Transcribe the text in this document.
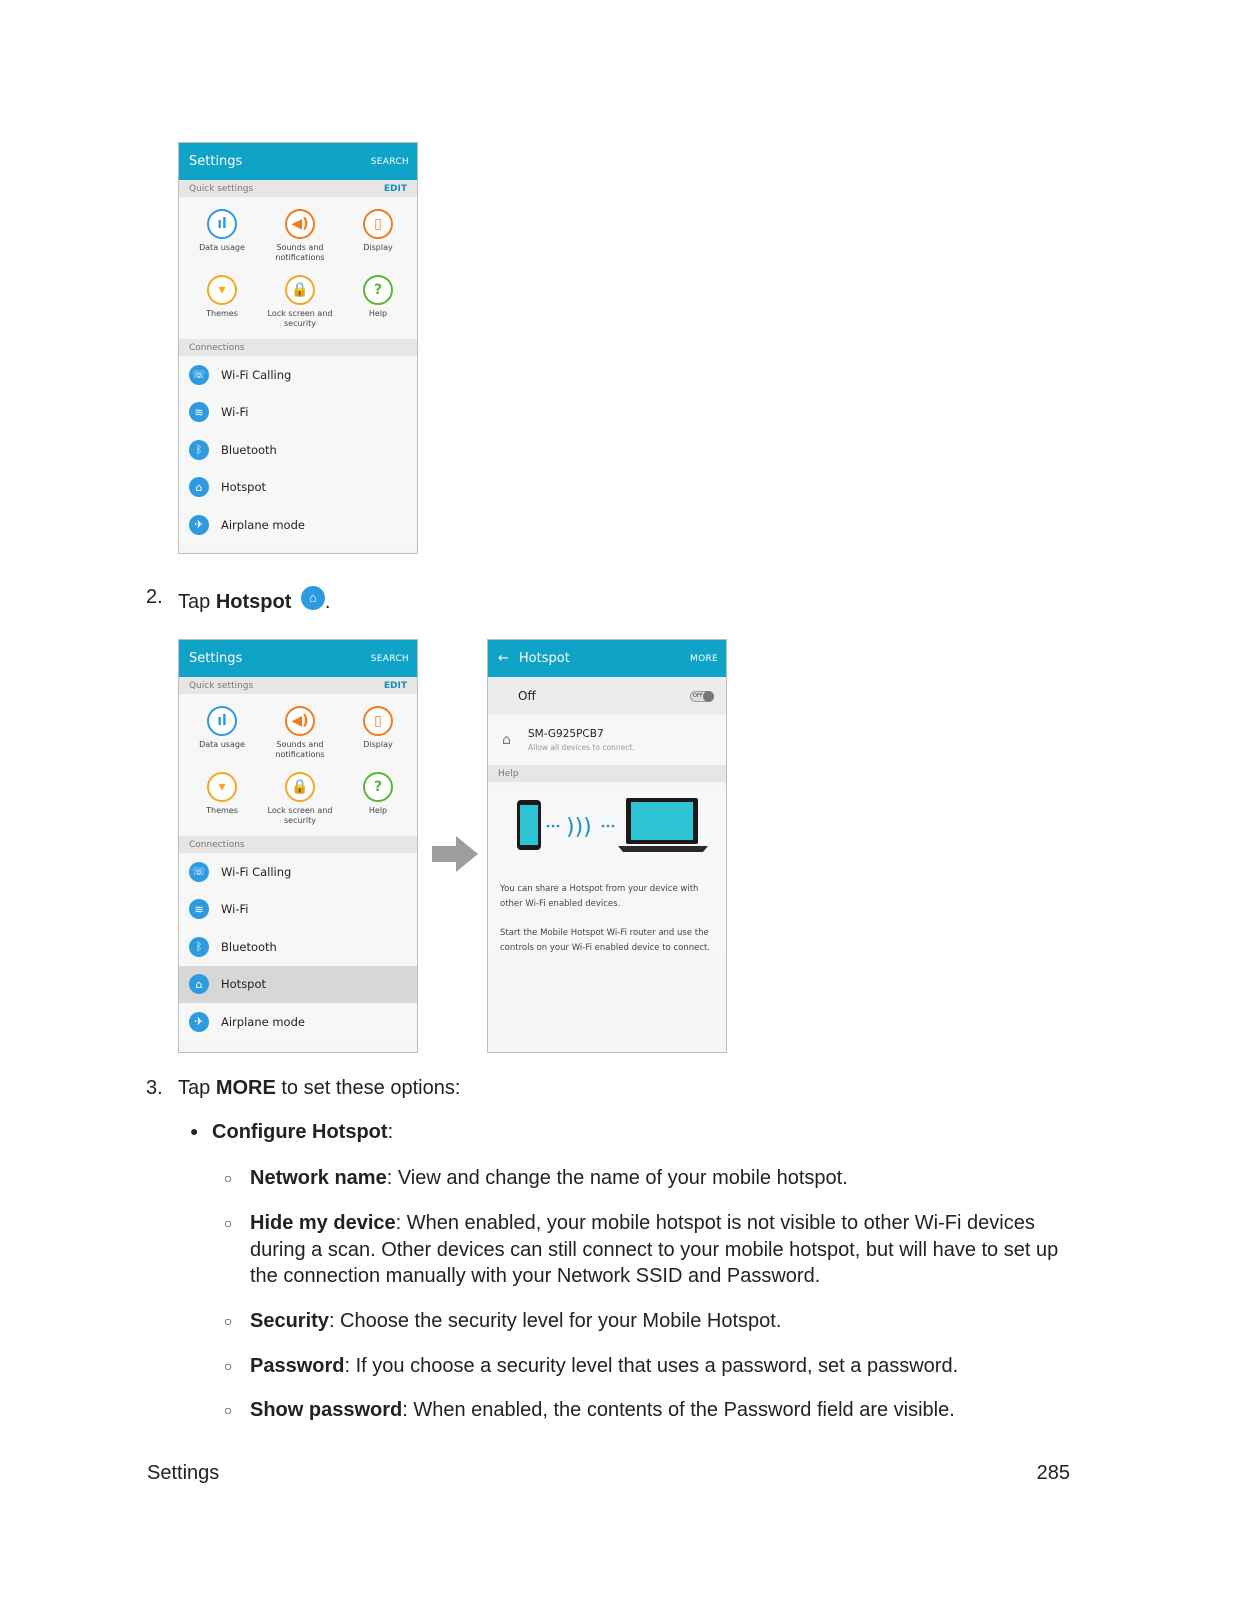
Settings	SEARCH
Quick settings	EDIT
ıl
Data usage
◀)
Sounds and notifications
▯
Display
▾
Themes
🔒
Lock screen and security
?
Help
Connections
☏ Wi-Fi Calling
≋	Wi-Fi
ᛒ	Bluetooth
⌂	Hotspot
✈	Airplane mode
2. Tap Hotspot ⌂ .
Settings	SEARCH
Quick settings	EDIT
ıl
Data usage
◀)
Sounds and notifications
▯
Display
▾
Themes
🔒
Lock screen and security
?
Help
Connections
☏ Wi-Fi Calling
≋	Wi-Fi
ᛒ	Bluetooth
⌂	Hotspot
✈	Airplane mode
← Hotspot	MORE
Off	OFF
⌂	SM-G925PCB7
Allow all devices to connect.
Help
)))

You can share a Hotspot from your device with other Wi-Fi enabled devices.

Start the Mobile Hotspot Wi-Fi router and use the controls on your Wi-Fi enabled device to connect.

3. Tap MORE to set these options:
● Configure Hotspot:
○ Network name: View and change the name of your mobile hotspot.
○ Hide my device: When enabled, your mobile hotspot is not visible to other Wi-Fi devices during a scan. Other devices can still connect to your mobile hotspot, but will have to set up the connection manually with your Network SSID and Password.
○ Security: Choose the security level for your Mobile Hotspot.
○ Password: If you choose a security level that uses a password, set a password.
○ Show password: When enabled, the contents of the Password field are visible.
Settings	285
